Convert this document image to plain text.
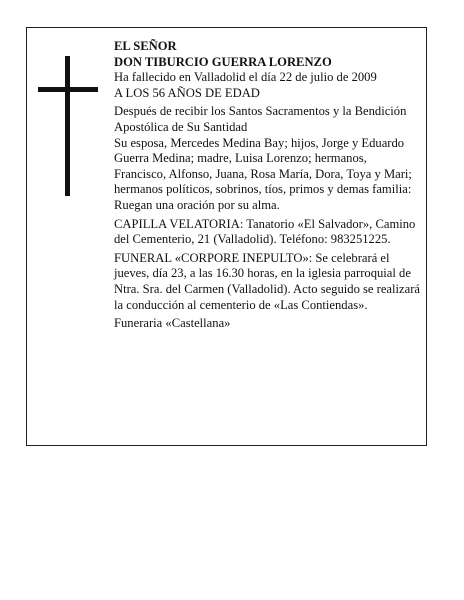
EL SEÑOR

DON TIBURCIO GUERRA LORENZO

Ha fallecido en Valladolid el día 22 de julio de 2009

A LOS 56 AÑOS DE EDAD

Después de recibir los Santos Sacramentos y la Bendición Apostólica de Su Santidad

Su esposa, Mercedes Medina Bay; hijos, Jorge y Eduardo Guerra Medina; madre, Luisa Lorenzo; hermanos, Francisco, Alfonso, Juana, Rosa María, Dora, Toya y Mari; hermanos políticos, sobrinos, tíos, primos y demas familia:

Ruegan una oración por su alma.

CAPILLA VELATORIA: Tanatorio «El Salvador», Camino del Cementerio, 21 (Valladolid). Teléfono: 983251225.

FUNERAL «CORPORE INEPULTO»: Se celebrará el jueves, día 23, a las 16.30 horas, en la iglesia parroquial de Ntra. Sra. del Carmen (Valladolid). Acto seguido se realizará la conducción al cementerio de «Las Contiendas».

Funeraria «Castellana»
